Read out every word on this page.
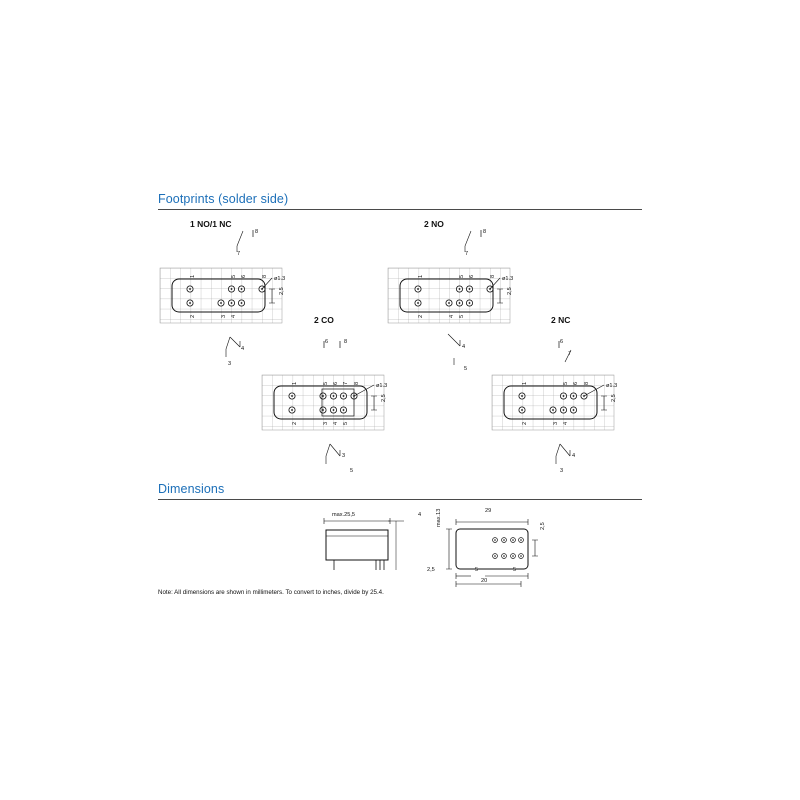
Footprints (solder side)
1 NO/1 NC
1	5 6	8
2	3 4
ø1.3
2,5
8
7
4
3
2 NO
1	5 6	8
2	4 5
ø1.3
2,5
8
7
4
5
2 CO
1	5 6 7 8
2	3 4 5
ø1.3
2,5
6	8
3
5
2 NC
1	5 6 8
2	3 4
ø1.3
2,5
6
7
4
3
Dimensions
max.25,5	4
29
max.13	2,5
2,5	5	5
20
Note: All dimensions are shown in millimeters. To convert to inches, divide by 25.4.
